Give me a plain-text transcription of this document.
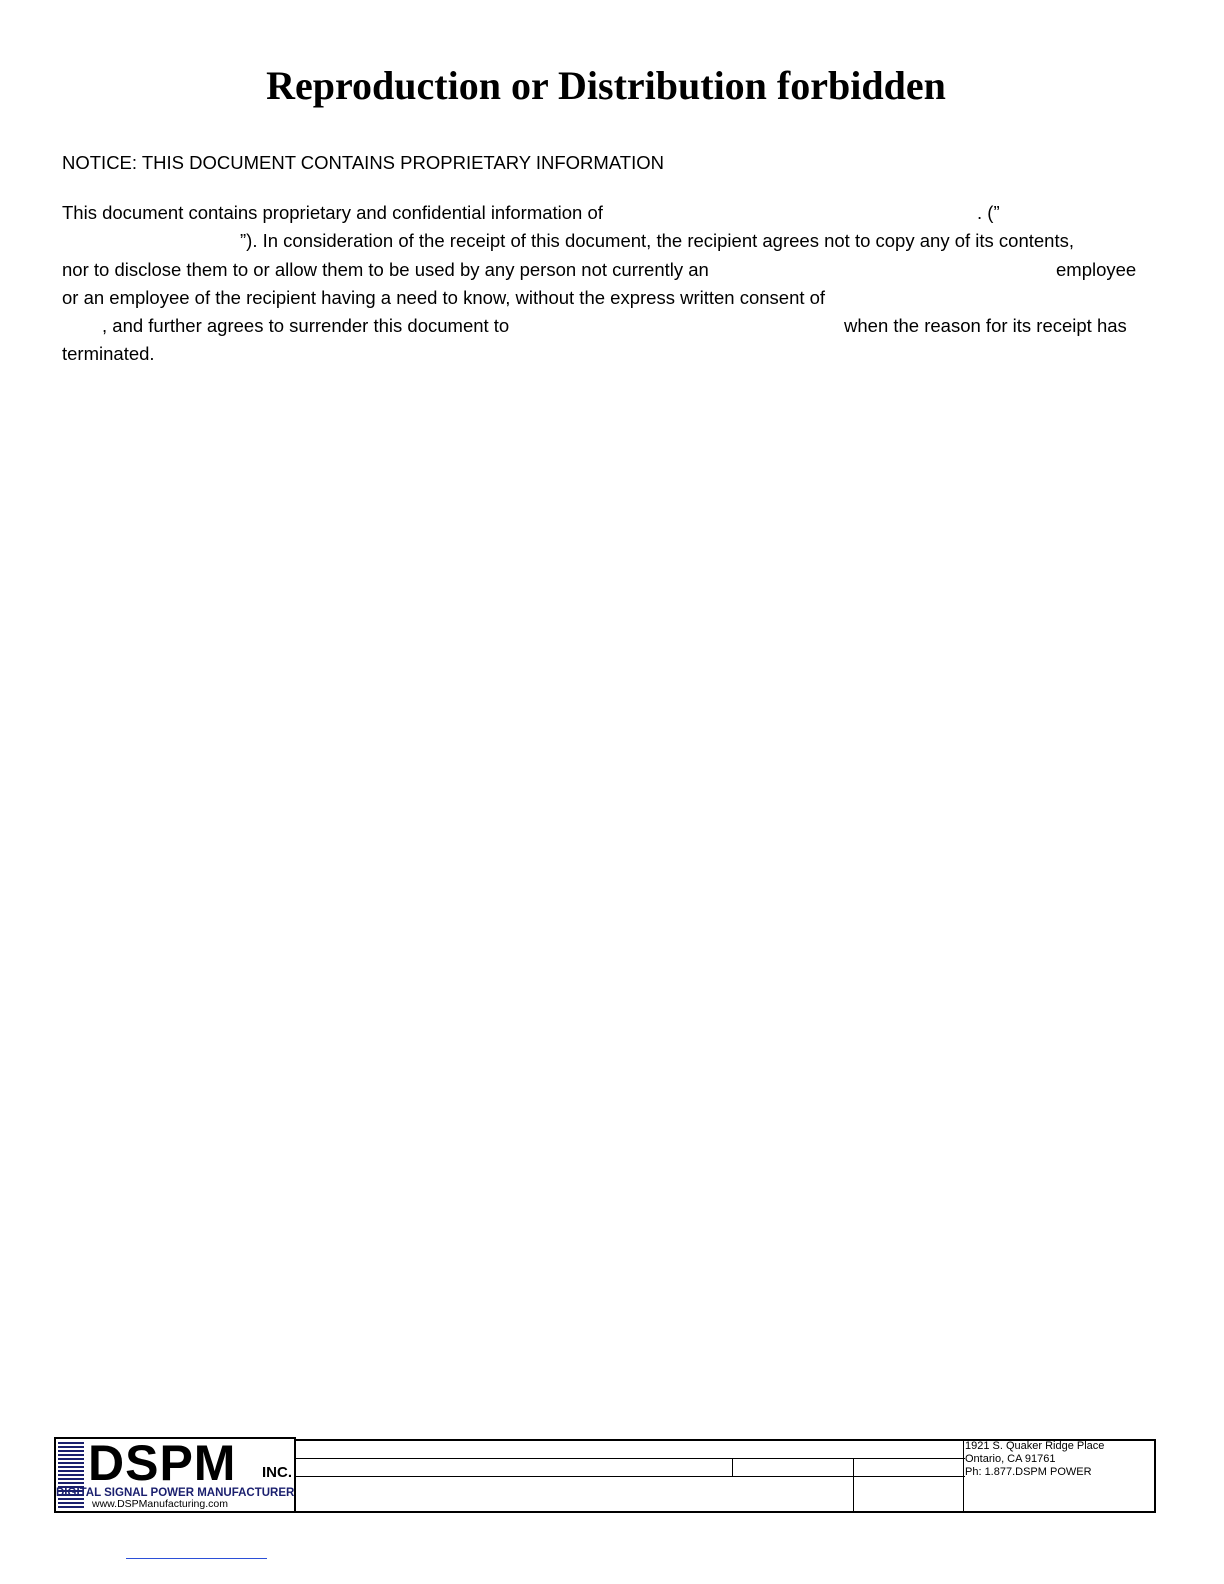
Reproduction or Distribution forbidden
NOTICE: THIS DOCUMENT CONTAINS PROPRIETARY INFORMATION
This document contains proprietary and confidential information of	. (”
”). In consideration of the receipt of this document, the recipient agrees not to copy any of its contents,
nor to disclose them to or allow them to be used by any person not currently an	employee
or an employee of the recipient having a need to know, without the express written consent of
, and further agrees to surrender this document to	when the reason for its receipt has
terminated.
DSPM INC.
DIGITAL SIGNAL POWER MANUFACTURER
www.DSPManufacturing.com
1921 S. Quaker Ridge Place
Ontario, CA 91761
Ph: 1.877.DSPM POWER
